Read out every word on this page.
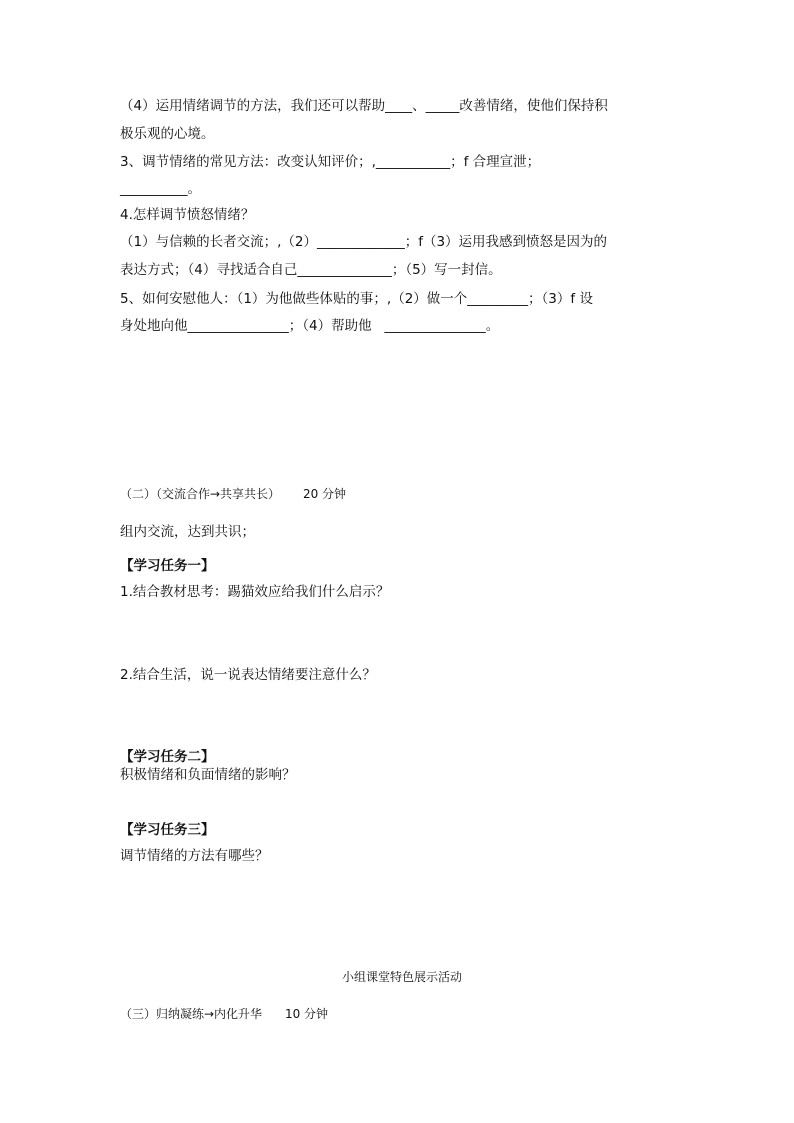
（4）运用情绪调节的方法，我们还可以帮助____、_____改善情绪，使他们保持积
极乐观的心境。
3、调节情绪的常见方法：改变认知评价；,___________；f 合理宣泄；
__________。
4.怎样调节愤怒情绪？
（1）与信赖的长者交流；,（2）_____________；f（3）运用我感到愤怒是因为的
表达方式；（4）寻找适合自己______________；（5）写一封信。
5、如何安慰他人：（1）为他做些体贴的事；,（2）做一个_________；（3）f 设
身处地向他_______________；（4）帮助他   _______________。
（二）（交流合作→共享共长）      20 分钟
组内交流，达到共识；
【学习任务一】
1.结合教材思考：踢猫效应给我们什么启示？
2.结合生活，说一说表达情绪要注意什么？
【学习任务二】
积极情绪和负面情绪的影响？
【学习任务三】
调节情绪的方法有哪些？
小组课堂特色展示活动
（三）归纳凝练→内化升华      10 分钟
